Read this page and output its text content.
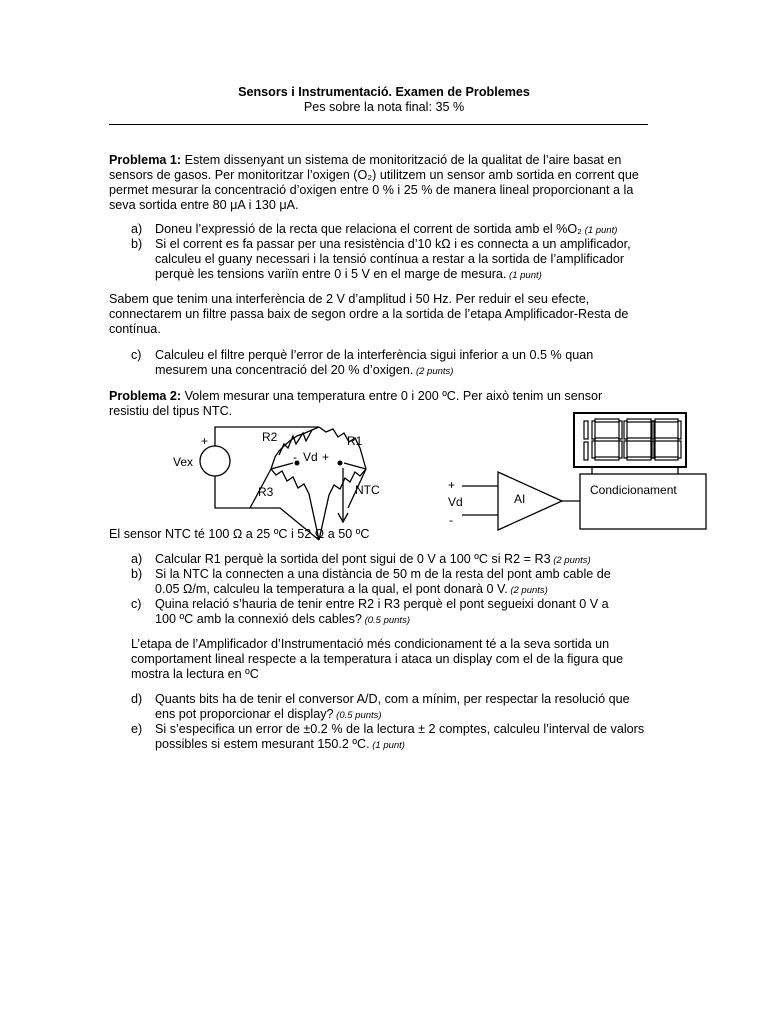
Sensors i Instrumentació. Examen de Problemes
Pes sobre la nota final: 35 %
Problema 1: Estem dissenyant un sistema de monitorització de la qualitat de l’aire basat en
sensors de gasos. Per monitoritzar l’oxigen (O₂) utilitzem un sensor amb sortida en corrent que
permet mesurar la concentració d’oxigen entre 0 % i 25 % de manera lineal proporcionant a la
seva sortida entre 80 μA i 130 μA.
a)	Doneu l’expressió de la recta que relaciona el corrent de sortida amb el %O₂ (1 punt)
b)	Si el corrent es fa passar per una resistència d’10 kΩ i es connecta a un amplificador,
calculeu el guany necessari i la tensió contínua a restar a la sortida de l’amplificador
perquè les tensions variïn entre 0 i 5 V en el marge de mesura. (1 punt)
Sabem que tenim una interferència de 2 V d’amplitud i 50 Hz. Per reduir el seu efecte,
connectarem un filtre passa baix de segon ordre a la sortida de l’etapa Amplificador-Resta de
contínua.
c)	Calculeu el filtre perquè l’error de la interferència sigui inferior a un 0.5 % quan
mesurem una concentració del 20 % d’oxigen. (2 punts)
Problema 2: Volem mesurar una temperatura entre 0 i 200 ºC. Per això tenim un sensor
resistiu del tipus NTC.
+
Vex
R2	R1
- Vd +
R3	NTC	+
Vd
-
AI
Condicionament
El sensor NTC té 100 Ω a 25 ºC i 52 Ω a 50 ºC
a)	Calcular R1 perquè la sortida del pont sigui de 0 V a 100 ºC si R2 = R3 (2 punts)
b)	Si la NTC la connecten a una distància de 50 m de la resta del pont amb cable de
0.05 Ω/m, calculeu la temperatura a la qual, el pont donarà 0 V. (2 punts)
c)	Quina relació s’hauria de tenir entre R2 i R3 perquè el pont segueixi donant 0 V a
100 ºC amb la connexió dels cables? (0.5 punts)
L’etapa de l’Amplificador d’Instrumentació més condicionament té a la seva sortida un
comportament lineal respecte a la temperatura i ataca un display com el de la figura que
mostra la lectura en ºC
d)	Quants bits ha de tenir el conversor A/D, com a mínim, per respectar la resolució que
ens pot proporcionar el display? (0.5 punts)
e)	Si s’especifica un error de ±0.2 % de la lectura ± 2 comptes, calculeu l’interval de valors
possibles si estem mesurant 150.2 ºC. (1 punt)
